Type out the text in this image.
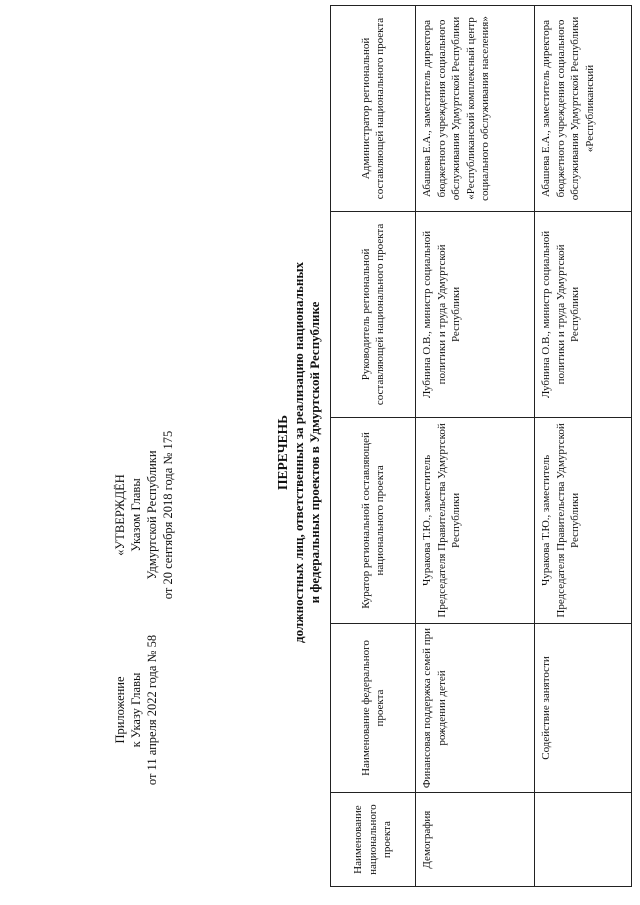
Приложение к Указу Главы от 11 апреля 2022 года № 58
«УТВЕРЖДЁН Указом Главы Удмуртской Республики от 20 сентября 2018 года № 175	ПЕРЕЧЕНЬ должностных лиц, ответственных за реализацию национальных и федеральных проектов в Удмуртской Республике
Наименование национального проекта	Наименование федерального проекта	Куратор региональной составляющей национального проекта	Руководитель региональной составляющей национального проекта	Администратор региональной составляющей национального проекта
Демография	Финансовая поддержка семей при рождении детей	Чуракова Т.Ю., заместитель Председателя Правительства Удмуртской Республики	Лубнина О.В., министр социальной политики и труда Удмуртской Республики	Абашева Е.А., заместитель директора бюджетного учреждения социального обслуживания Удмуртской Республики «Республиканский комплексный центр социального обслуживания населения»
	Содействие занятости	Чуракова Т.Ю., заместитель Председателя Правительства Удмуртской Республики	Лубнина О.В., министр социальной политики и труда Удмуртской Республики	Абашева Е.А., заместитель директора бюджетного учреждения социального обслуживания Удмуртской Республики «Республиканский
